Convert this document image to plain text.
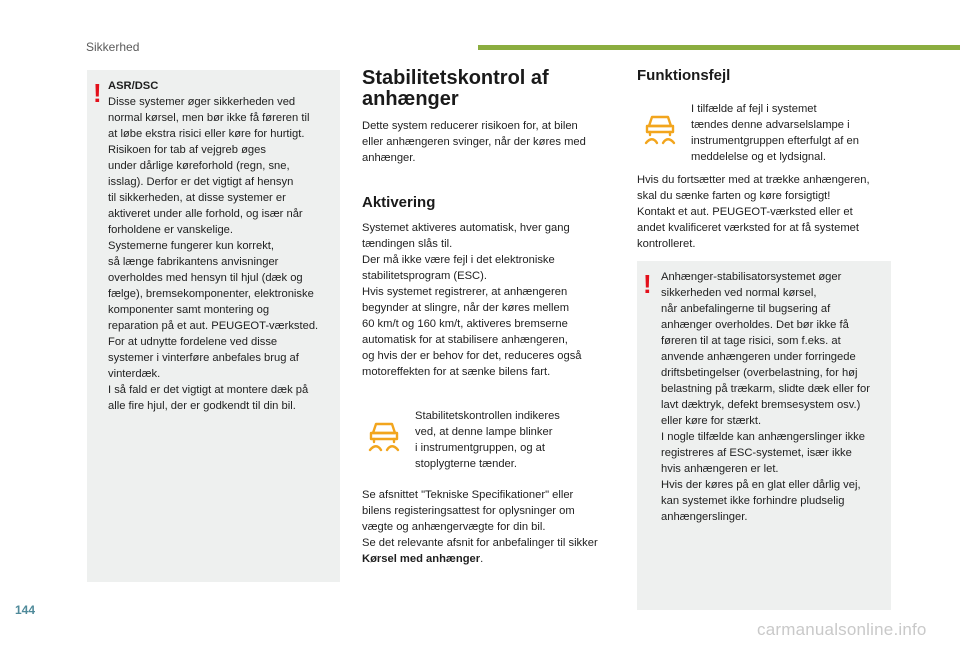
Sikkerhed
! ASR/DSC

Disse systemer øger sikkerheden ved

normal kørsel, men bør ikke få føreren til

at løbe ekstra risici eller køre for hurtigt.

Risikoen for tab af vejgreb øges

under dårlige køreforhold (regn, sne,

isslag). Derfor er det vigtigt af hensyn

til sikkerheden, at disse systemer er

aktiveret under alle forhold, og især når

forholdene er vanskelige.

Systemerne fungerer kun korrekt,

så længe fabrikantens anvisninger

overholdes med hensyn til hjul (dæk og

fælge), bremsekomponenter, elektroniske

komponenter samt montering og

reparation på et aut. PEUGEOT-værksted.

For at udnytte fordelene ved disse

systemer i vinterføre anbefales brug af

vinterdæk.

I så fald er det vigtigt at montere dæk på

alle fire hjul, der er godkendt til din bil.

Stabilitetskontrol af
anhænger

Dette system reducerer risikoen for, at bilen

eller anhængeren svinger, når der køres med

anhænger.

Aktivering

Systemet aktiveres automatisk, hver gang

tændingen slås til.

Der må ikke være fejl i det elektroniske

stabilitetsprogram (ESC).

Hvis systemet registrerer, at anhængeren

begynder at slingre, når der køres mellem

60 km/t og 160 km/t, aktiveres bremserne

automatisk for at stabilisere anhængeren,

og hvis der er behov for det, reduceres også

motoreffekten for at sænke bilens fart.

Stabilitetskontrollen indikeres

ved, at denne lampe blinker

i instrumentgruppen, og at

stoplygterne tænder.

Se afsnittet "Tekniske Specifikationer" eller

bilens registeringsattest for oplysninger om

vægte og anhængervægte for din bil.

Se det relevante afsnit for anbefalinger til sikker

Kørsel med anhænger.

Funktionsfejl

I tilfælde af fejl i systemet

tændes denne advarselslampe i

instrumentgruppen efterfulgt af en

meddelelse og et lydsignal.

Hvis du fortsætter med at trække anhængeren,

skal du sænke farten og køre forsigtigt!

Kontakt et aut. PEUGEOT-værksted eller et

andet kvalificeret værksted for at få systemet

kontrolleret.

! Anhænger-stabilisatorsystemet øger

sikkerheden ved normal kørsel,

når anbefalingerne til bugsering af

anhænger overholdes. Det bør ikke få

føreren til at tage risici, som f.eks. at

anvende anhængeren under forringede

driftsbetingelser (overbelastning, for høj

belastning på trækarm, slidte dæk eller for

lavt dæktryk, defekt bremsesystem osv.)

eller køre for stærkt.

I nogle tilfælde kan anhængerslinger ikke

registreres af ESC-systemet, især ikke

hvis anhængeren er let.

Hvis der køres på en glat eller dårlig vej,

kan systemet ikke forhindre pludselig

anhængerslinger.

144
carmanualsonline.info
